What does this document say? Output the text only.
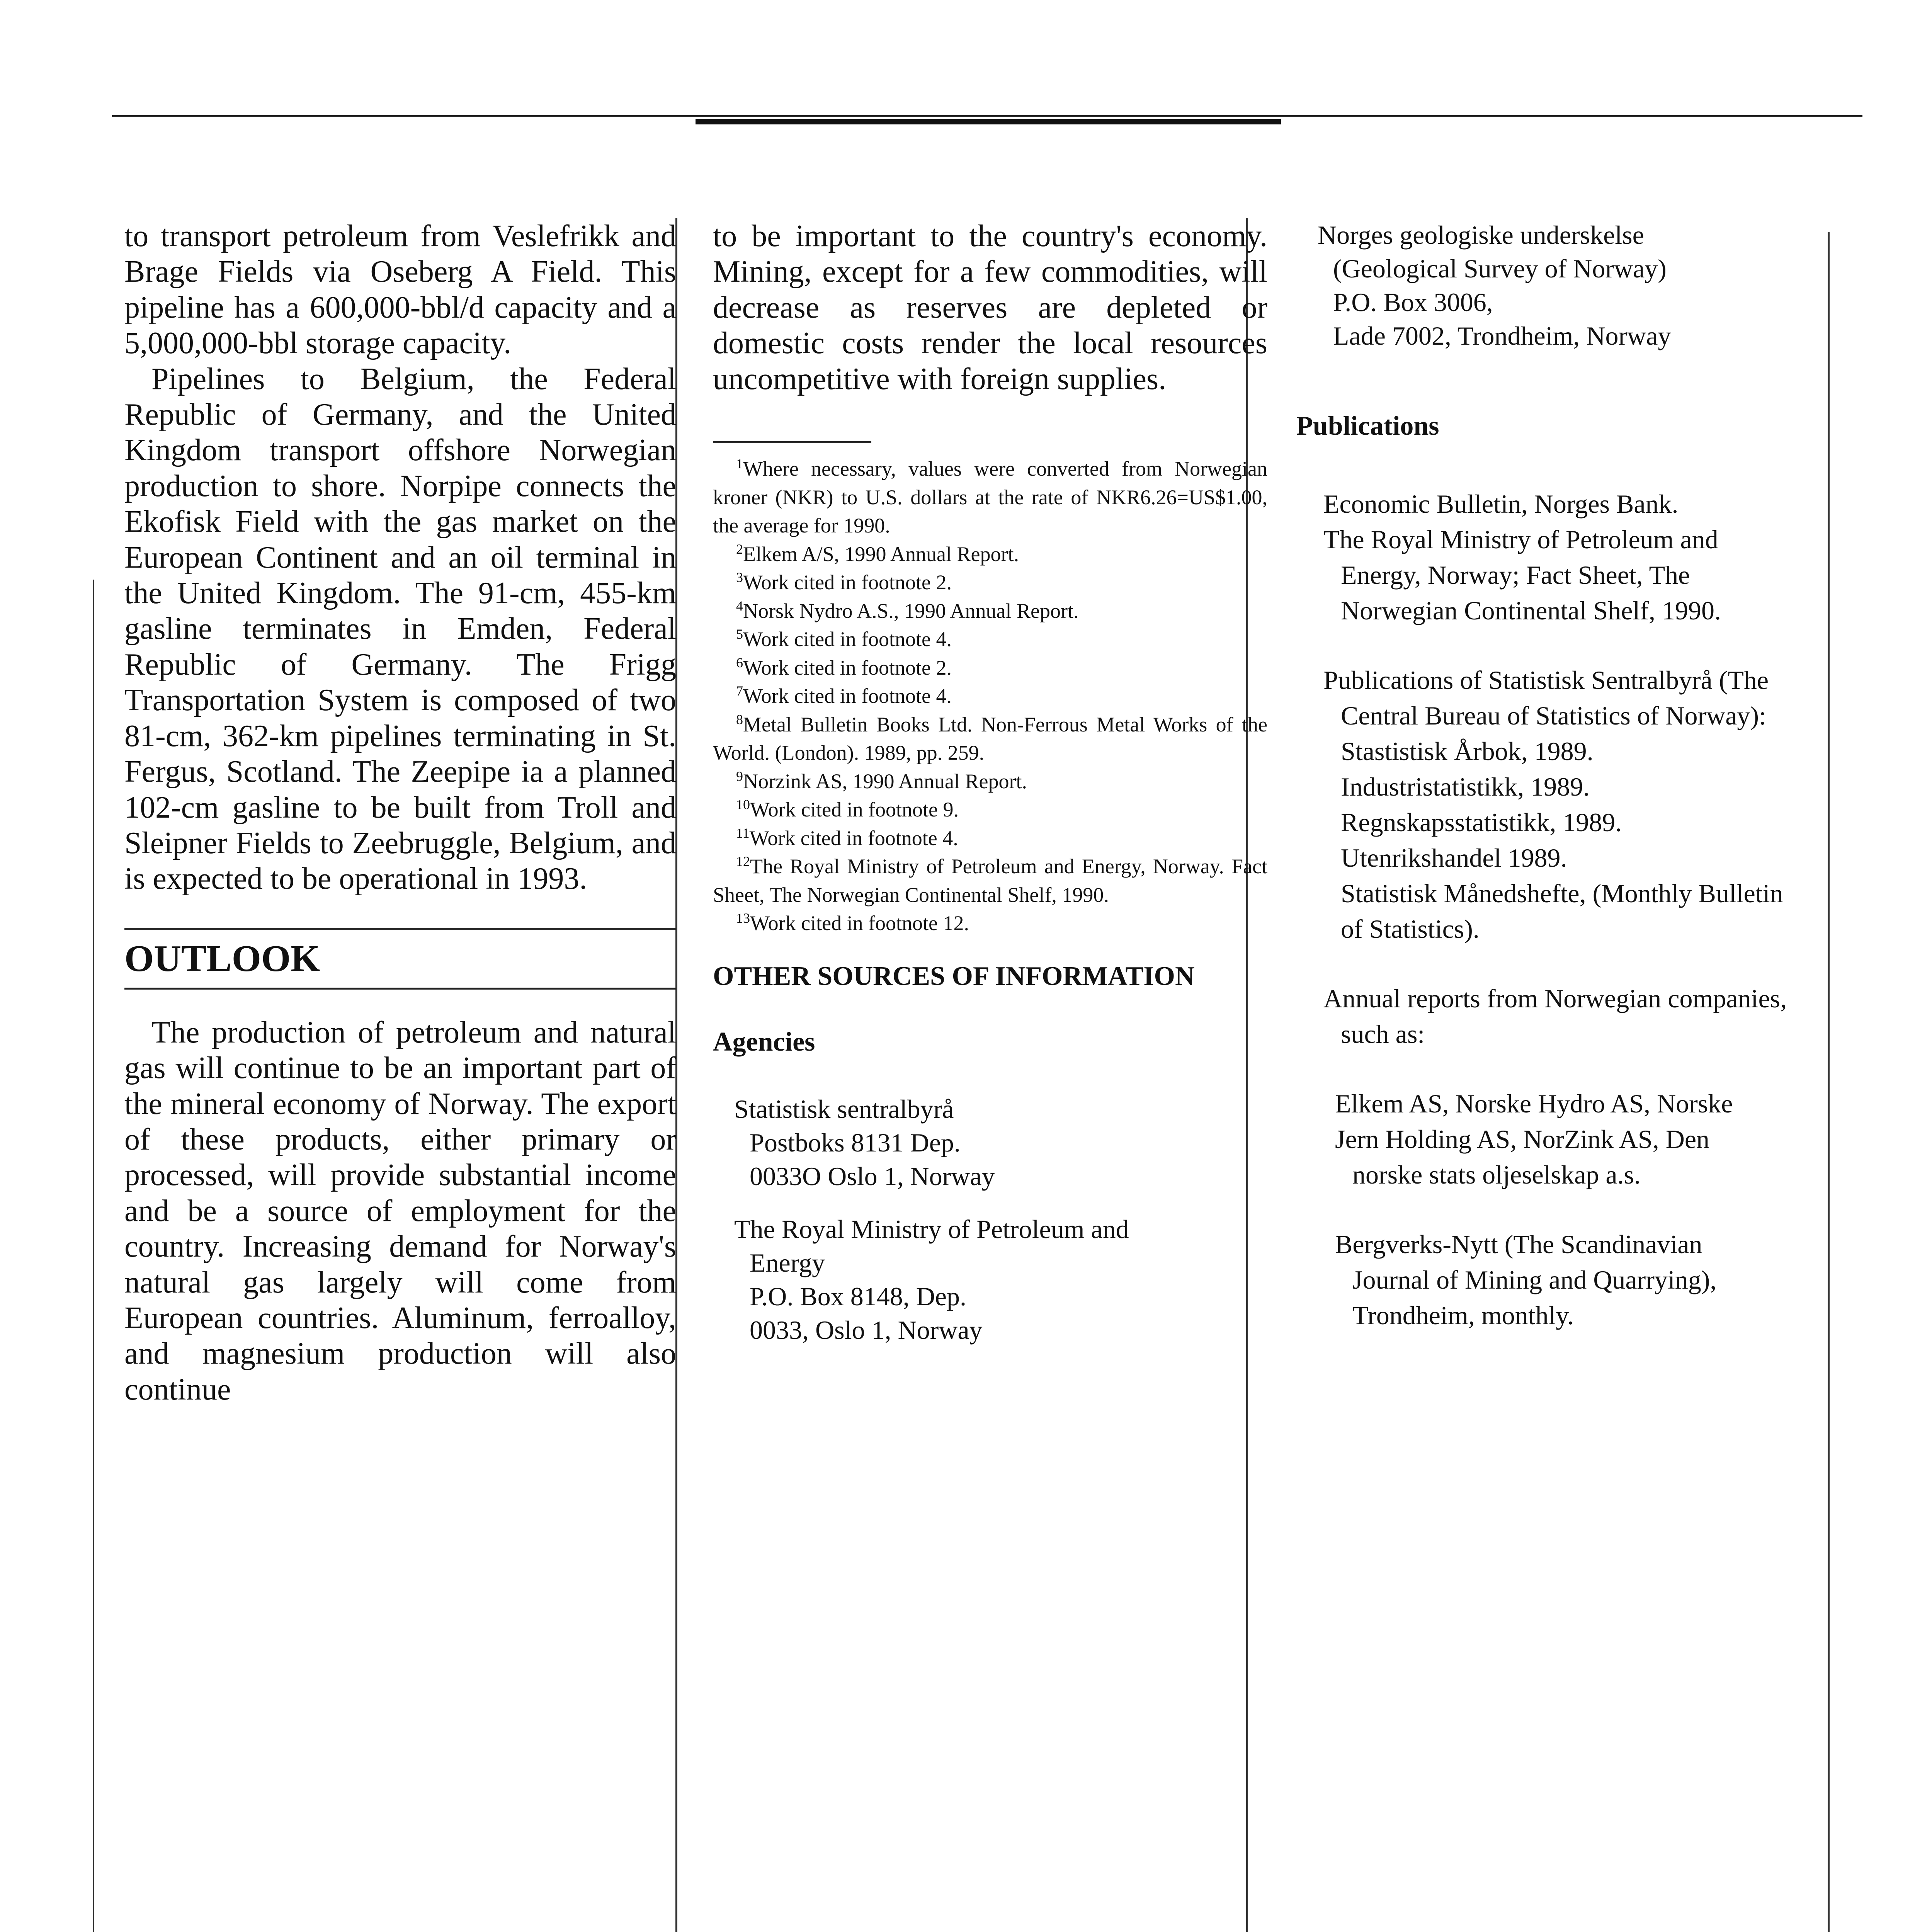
to transport petroleum from Veslefrikk and Brage Fields via Oseberg A Field. This pipeline has a 600,000-bbl/d capacity and a 5,000,000-bbl storage capacity.

Pipelines to Belgium, the Federal Republic of Germany, and the United Kingdom transport offshore Norwegian production to shore. Norpipe connects the Ekofisk Field with the gas market on the European Continent and an oil terminal in the United Kingdom. The 91-cm, 455-km gasline terminates in Emden, Federal Republic of Germany. The Frigg Transportation System is composed of two 81-cm, 362-km pipelines terminating in St. Fergus, Scotland. The Zeepipe ia a planned 102-cm gasline to be built from Troll and Sleipner Fields to Zeebruggle, Belgium, and is expected to be operational in 1993.

OUTLOOK

The production of petroleum and natural gas will continue to be an important part of the mineral economy of Norway. The export of these products, either primary or processed, will provide substantial income and be a source of employment for the country. Increasing demand for Norway's natural gas largely will come from European countries. Aluminum, ferroalloy, and magnesium production will also continue

to be important to the country's economy. Mining, except for a few commodities, will decrease as reserves are depleted or domestic costs render the local resources uncompetitive with foreign supplies.

$^1$Where necessary, values were converted from Norwegian kroner (NKR) to U.S. dollars at the rate of NKR6.26=US$1.00, the average for 1990.

$^2$Elkem A/S, 1990 Annual Report.

$^3$Work cited in footnote 2.

$^4$Norsk Nydro A.S., 1990 Annual Report.

$^5$Work cited in footnote 4.

$^6$Work cited in footnote 2.

$^7$Work cited in footnote 4.

$^8$Metal Bulletin Books Ltd. Non-Ferrous Metal Works of the World. (London). 1989, pp. 259.

$^9$Norzink AS, 1990 Annual Report.

$^{10}$Work cited in footnote 9.

$^{11}$Work cited in footnote 4.

$^{12}$The Royal Ministry of Petroleum and Energy, Norway. Fact Sheet, The Norwegian Continental Shelf, 1990.

$^{13}$Work cited in footnote 12.

OTHER SOURCES OF INFORMATION

Agencies

Statistisk sentralbyrå

Postboks 8131 Dep.

0033O Oslo 1, Norway

The Royal Ministry of Petroleum and

Energy

P.O. Box 8148, Dep.

0033, Oslo 1, Norway

Norges geologiske underskelse

(Geological Survey of Norway)

P.O. Box 3006,

Lade 7002, Trondheim, Norway

Publications

Economic Bulletin, Norges Bank.

The Royal Ministry of Petroleum and

Energy, Norway; Fact Sheet, The

Norwegian Continental Shelf, 1990.

Publications of Statistisk Sentralbyrå (The

Central Bureau of Statistics of Norway):

Stastistisk Årbok, 1989.

Industristatistikk, 1989.

Regnskapsstatistikk, 1989.

Utenrikshandel 1989.

Statistisk Månedshefte, (Monthly Bulletin

of Statistics).

Annual reports from Norwegian companies,

such as:

Elkem AS, Norske Hydro AS, Norske

Jern Holding AS, NorZink AS, Den

norske stats oljeselskap a.s.

Bergverks-Nytt (The Scandinavian

Journal of Mining and Quarrying),

Trondheim, monthly.
